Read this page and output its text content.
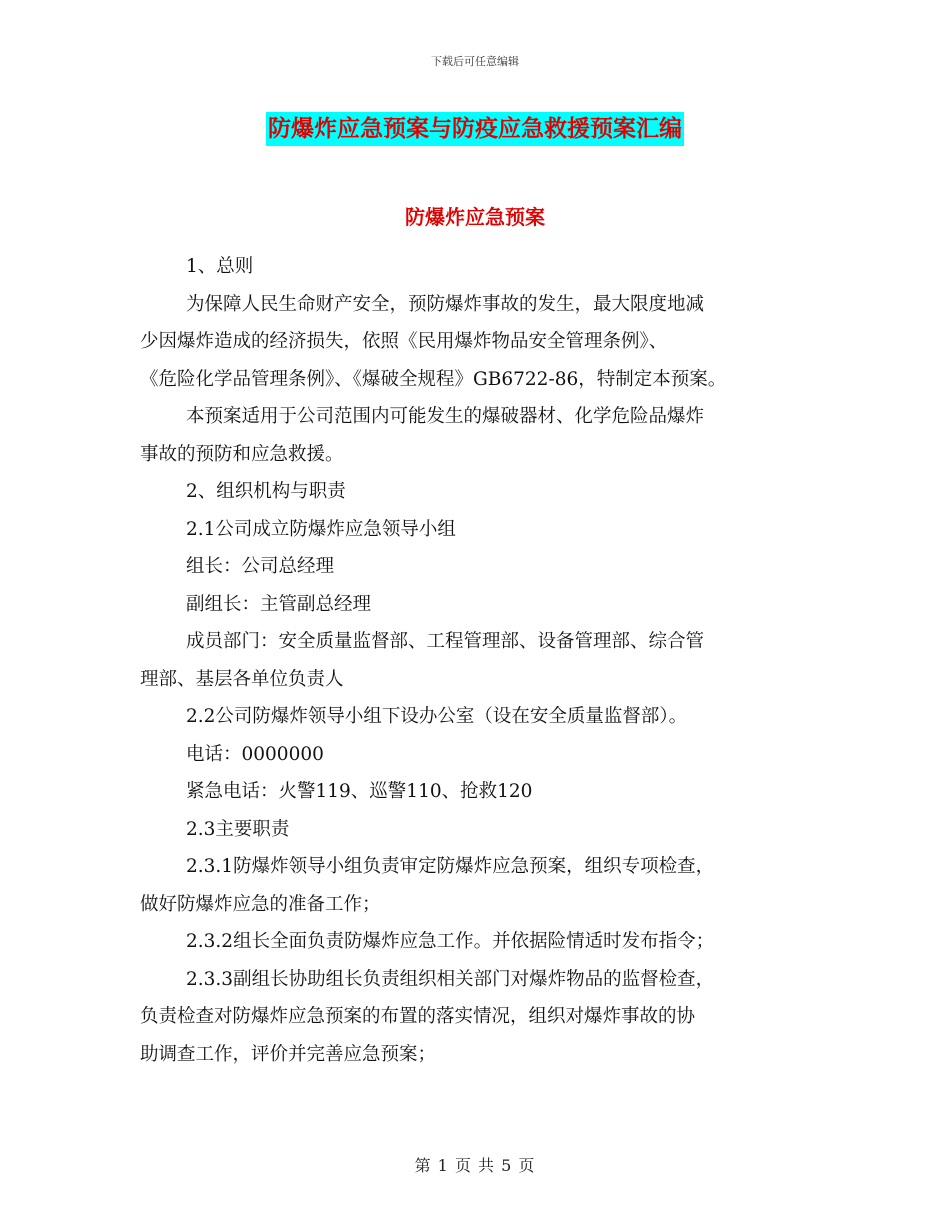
下载后可任意编辑
防爆炸应急预案与防疫应急救援预案汇编
防爆炸应急预案

1、总则

为保障人民生命财产安全，预防爆炸事故的发生，最大限度地减

少因爆炸造成的经济损失，依照《民用爆炸物品安全管理条例》、

《危险化学品管理条例》、《爆破全规程》GB6722-86，特制定本预案。

本预案适用于公司范围内可能发生的爆破器材、化学危险品爆炸

事故的预防和应急救援。

2、组织机构与职责

2.1公司成立防爆炸应急领导小组

组长：公司总经理

副组长：主管副总经理

成员部门：安全质量监督部、工程管理部、设备管理部、综合管

理部、基层各单位负责人

2.2公司防爆炸领导小组下设办公室（设在安全质量监督部）。

电话：0000000

紧急电话：火警119、巡警110、抢救120

2.3主要职责

2.3.1防爆炸领导小组负责审定防爆炸应急预案，组织专项检查，

做好防爆炸应急的准备工作；

2.3.2组长全面负责防爆炸应急工作。并依据险情适时发布指令；

2.3.3副组长协助组长负责组织相关部门对爆炸物品的监督检查，

负责检查对防爆炸应急预案的布置的落实情况，组织对爆炸事故的协

助调查工作，评价并完善应急预案；

第 1 页 共 5 页
